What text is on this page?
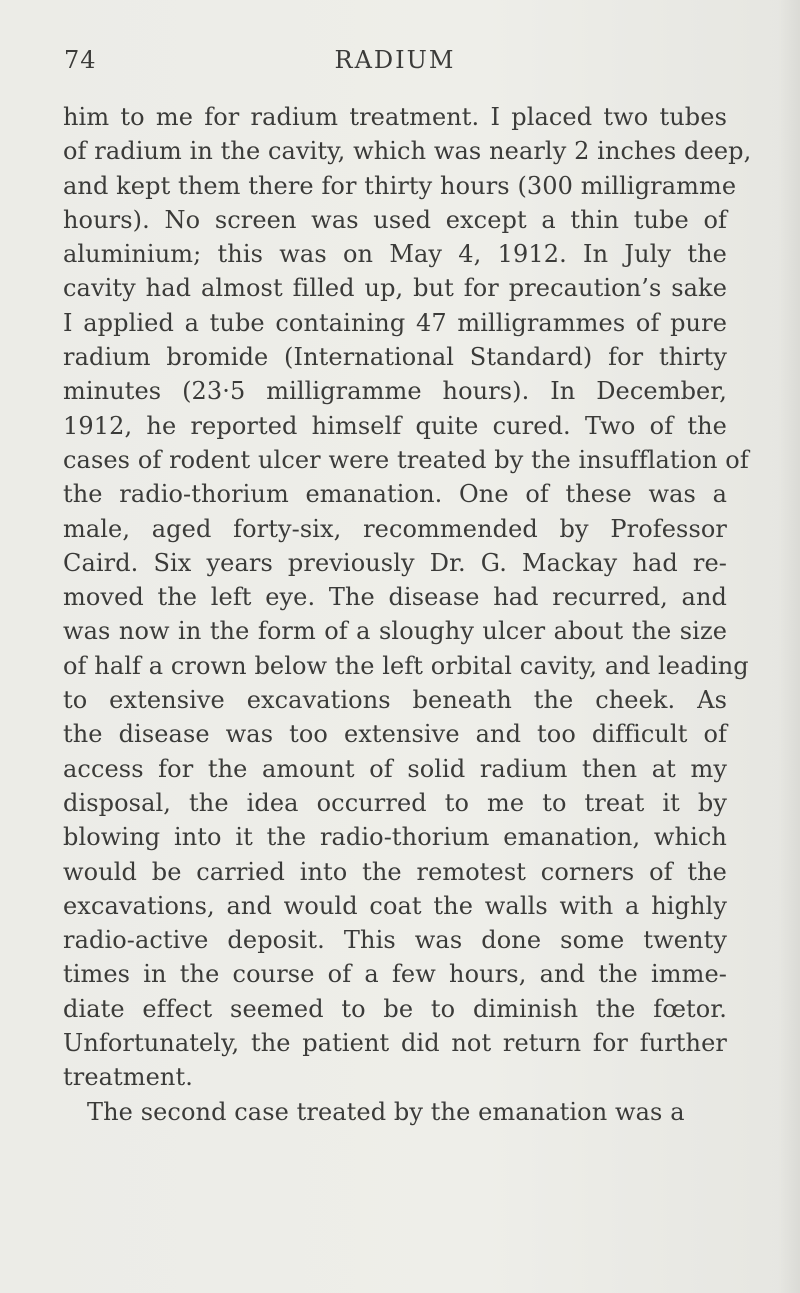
74	RADIUM
him to me for radium treatment. I placed two tubes
of radium in the cavity, which was nearly 2 inches deep,
and kept them there for thirty hours (300 milligramme
hours). No screen was used except a thin tube of
aluminium; this was on May 4, 1912. In July the
cavity had almost filled up, but for precaution’s sake
I applied a tube containing 47 milligrammes of pure
radium bromide (International Standard) for thirty
minutes (23·5 milligramme hours). In December,
1912, he reported himself quite cured. Two of the
cases of rodent ulcer were treated by the insufflation of
the radio-thorium emanation. One of these was a
male, aged forty-six, recommended by Professor
Caird. Six years previously Dr. G. Mackay had re-
moved the left eye. The disease had recurred, and
was now in the form of a sloughy ulcer about the size
of half a crown below the left orbital cavity, and leading
to extensive excavations beneath the cheek. As
the disease was too extensive and too difficult of
access for the amount of solid radium then at my
disposal, the idea occurred to me to treat it by
blowing into it the radio-thorium emanation, which
would be carried into the remotest corners of the
excavations, and would coat the walls with a highly
radio-active deposit. This was done some twenty
times in the course of a few hours, and the imme-
diate effect seemed to be to diminish the fœtor.
Unfortunately, the patient did not return for further
treatment.
The second case treated by the emanation was a
